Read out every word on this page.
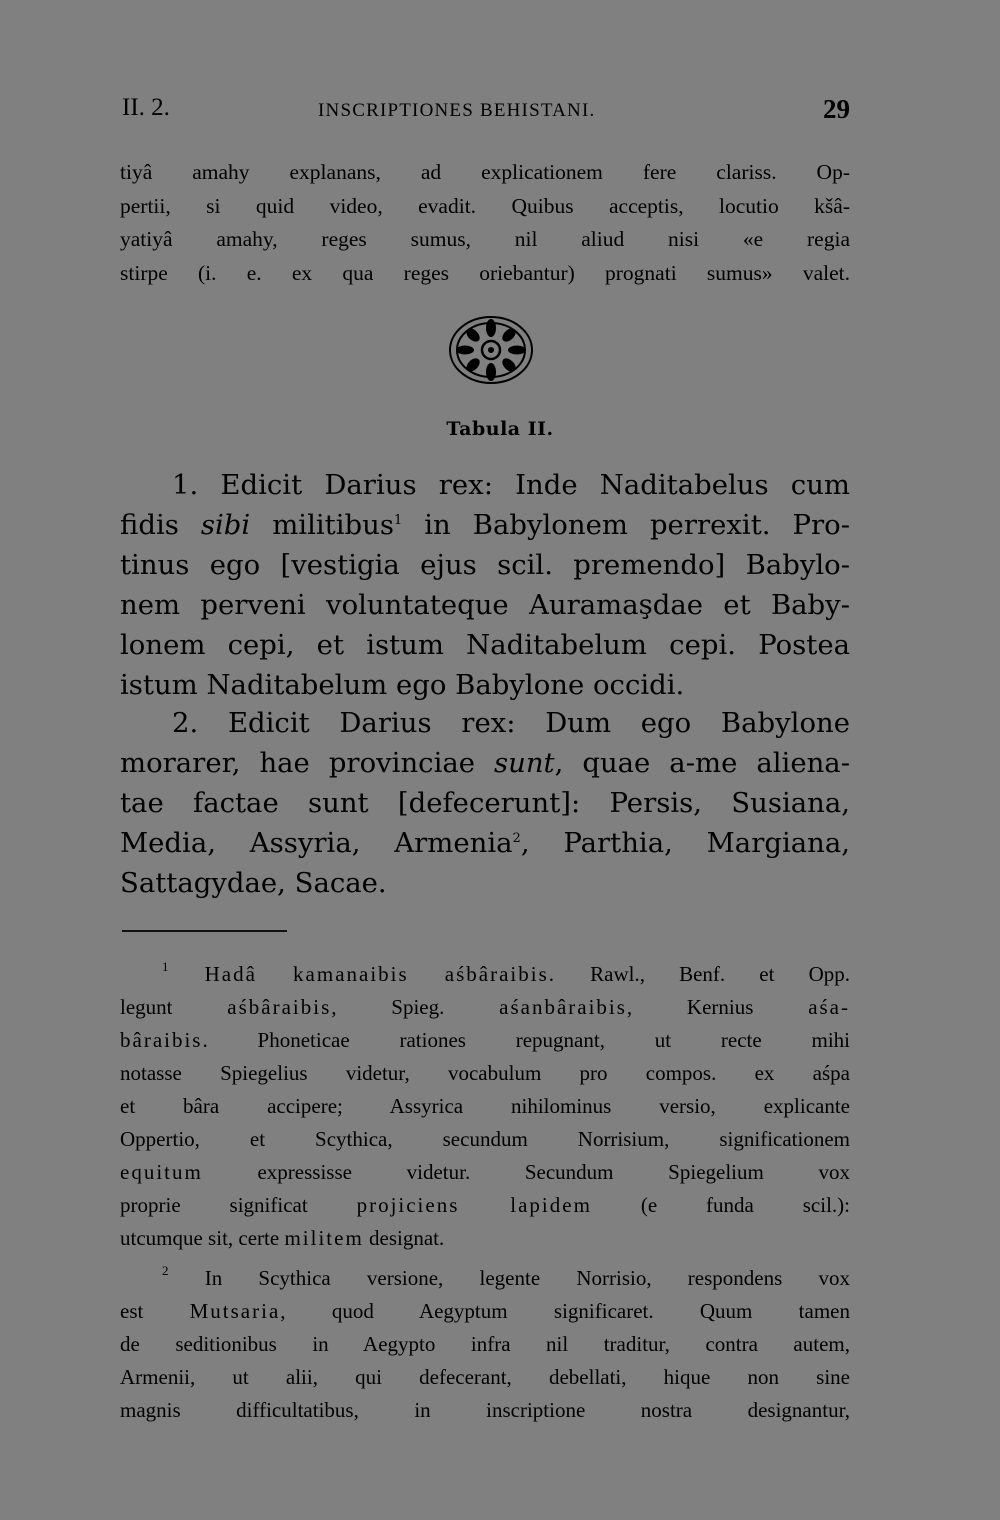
II. 2.	INSCRIPTIONES BEHISTANI.	29
tiyâ amahy explanans, ad explicationem fere clariss. Op-
pertii, si quid video, evadit. Quibus acceptis, locutio kšâ-
yatiyâ amahy, reges sumus, nil aliud nisi «e regia
stirpe (i. e. ex qua reges oriebantur) prognati sumus» valet.
Tabula II.
1. Edicit Darius rex: Inde Naditabelus cum
fidis sibi militibus$^1$ in Babylonem perrexit. Pro-
tinus ego [vestigia ejus scil. premendo] Babylo-
nem perveni voluntateque Auramaşdae et Baby-
lonem cepi, et istum Naditabelum cepi. Postea
istum Naditabelum ego Babylone occidi.
2. Edicit Darius rex: Dum ego Babylone
morarer, hae provinciae sunt, quae a-me aliena-
tae factae sunt [defecerunt]: Persis, Susiana,
Media, Assyria, Armenia$^2$, Parthia, Margiana,
Sattagydae, Sacae.
$^1$ Hadâ kamanaibis aśbâraibis. Rawl., Benf. et Opp.
legunt aśbâraibis, Spieg. aśanbâraibis, Kernius aśa-
bâraibis. Phoneticae rationes repugnant, ut recte mihi
notasse Spiegelius videtur, vocabulum pro compos. ex aśpa
et bâra accipere; Assyrica nihilominus versio, explicante
Oppertio, et Scythica, secundum Norrisium, significationem
equitum expressisse videtur. Secundum Spiegelium vox
proprie significat projiciens lapidem (e funda scil.):
utcumque sit, certe militem designat.
$^2$ In Scythica versione, legente Norrisio, respondens vox
est Mutsaria, quod Aegyptum significaret. Quum tamen
de seditionibus in Aegypto infra nil traditur, contra autem,
Armenii, ut alii, qui defecerant, debellati, hique non sine
magnis difficultatibus, in inscriptione nostra designantur,
